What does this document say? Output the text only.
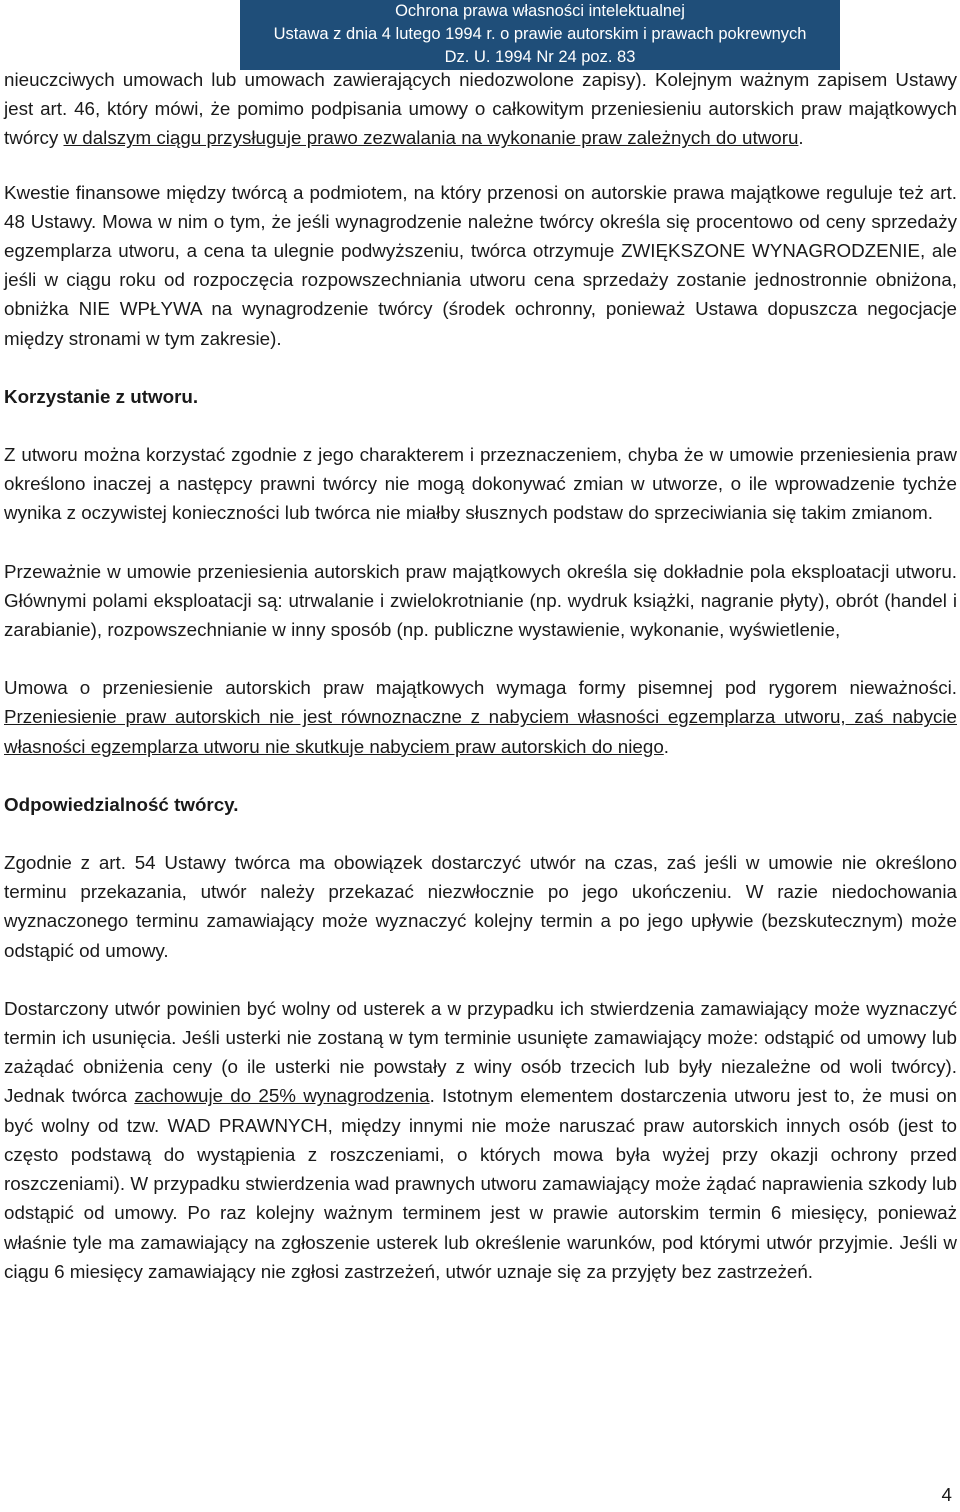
Ochrona prawa własności intelektualnej
Ustawa z dnia 4 lutego 1994 r. o prawie autorskim i prawach pokrewnych
Dz. U. 1994 Nr 24 poz. 83

nieuczciwych umowach lub umowach zawierających niedozwolone zapisy). Kolejnym ważnym zapisem Ustawy jest art. 46, który mówi, że pomimo podpisania umowy o całkowitym przeniesieniu autorskich praw majątkowych twórcy w dalszym ciągu przysługuje prawo zezwalania na wykonanie praw zależnych do utworu.

Kwestie finansowe między twórcą a podmiotem, na który przenosi on autorskie prawa majątkowe reguluje też art. 48 Ustawy. Mowa w nim o tym, że jeśli wynagrodzenie należne twórcy określa się procentowo od ceny sprzedaży egzemplarza utworu, a cena ta ulegnie podwyższeniu, twórca otrzymuje ZWIĘKSZONE WYNAGRODZENIE, ale jeśli w ciągu roku od rozpoczęcia rozpowszechniania utworu cena sprzedaży zostanie jednostronnie obniżona, obniżka NIE WPŁYWA na wynagrodzenie twórcy (środek ochronny, ponieważ Ustawa dopuszcza negocjacje między stronami w tym zakresie).

Korzystanie z utworu.

Z utworu można korzystać zgodnie z jego charakterem i przeznaczeniem, chyba że w umowie przeniesienia praw określono inaczej a następcy prawni twórcy nie mogą dokonywać zmian w utworze, o ile wprowadzenie tychże wynika z oczywistej konieczności lub twórca nie miałby słusznych podstaw do sprzeciwiania się takim zmianom.

Przeważnie w umowie przeniesienia autorskich praw majątkowych określa się dokładnie pola eksploatacji utworu. Głównymi polami eksploatacji są: utrwalanie i zwielokrotnianie (np. wydruk książki, nagranie płyty), obrót (handel i zarabianie), rozpowszechnianie w inny sposób (np. publiczne wystawienie, wykonanie, wyświetlenie,

Umowa o przeniesienie autorskich praw majątkowych wymaga formy pisemnej pod rygorem nieważności. Przeniesienie praw autorskich nie jest równoznaczne z nabyciem własności egzemplarza utworu, zaś nabycie własności egzemplarza utworu nie skutkuje nabyciem praw autorskich do niego.

Odpowiedzialność twórcy.

Zgodnie z art. 54 Ustawy twórca ma obowiązek dostarczyć utwór na czas, zaś jeśli w umowie nie określono terminu przekazania, utwór należy przekazać niezwłocznie po jego ukończeniu. W razie niedochowania wyznaczonego terminu zamawiający może wyznaczyć kolejny termin a po jego upływie (bezskutecznym) może odstąpić od umowy.

Dostarczony utwór powinien być wolny od usterek a w przypadku ich stwierdzenia zamawiający może wyznaczyć termin ich usunięcia. Jeśli usterki nie zostaną w tym terminie usunięte zamawiający może: odstąpić od umowy lub zażądać obniżenia ceny (o ile usterki nie powstały z winy osób trzecich lub były niezależne od woli twórcy). Jednak twórca zachowuje do 25% wynagrodzenia. Istotnym elementem dostarczenia utworu jest to, że musi on być wolny od tzw. WAD PRAWNYCH, między innymi nie może naruszać praw autorskich innych osób (jest to często podstawą do wystąpienia z roszczeniami, o których mowa była wyżej przy okazji ochrony przed roszczeniami). W przypadku stwierdzenia wad prawnych utworu zamawiający może żądać naprawienia szkody lub odstąpić od umowy. Po raz kolejny ważnym terminem jest w prawie autorskim termin 6 miesięcy, ponieważ właśnie tyle ma zamawiający na zgłoszenie usterek lub określenie warunków, pod którymi utwór przyjmie. Jeśli w ciągu 6 miesięcy zamawiający nie zgłosi zastrzeżeń, utwór uznaje się za przyjęty bez zastrzeżeń.

4
